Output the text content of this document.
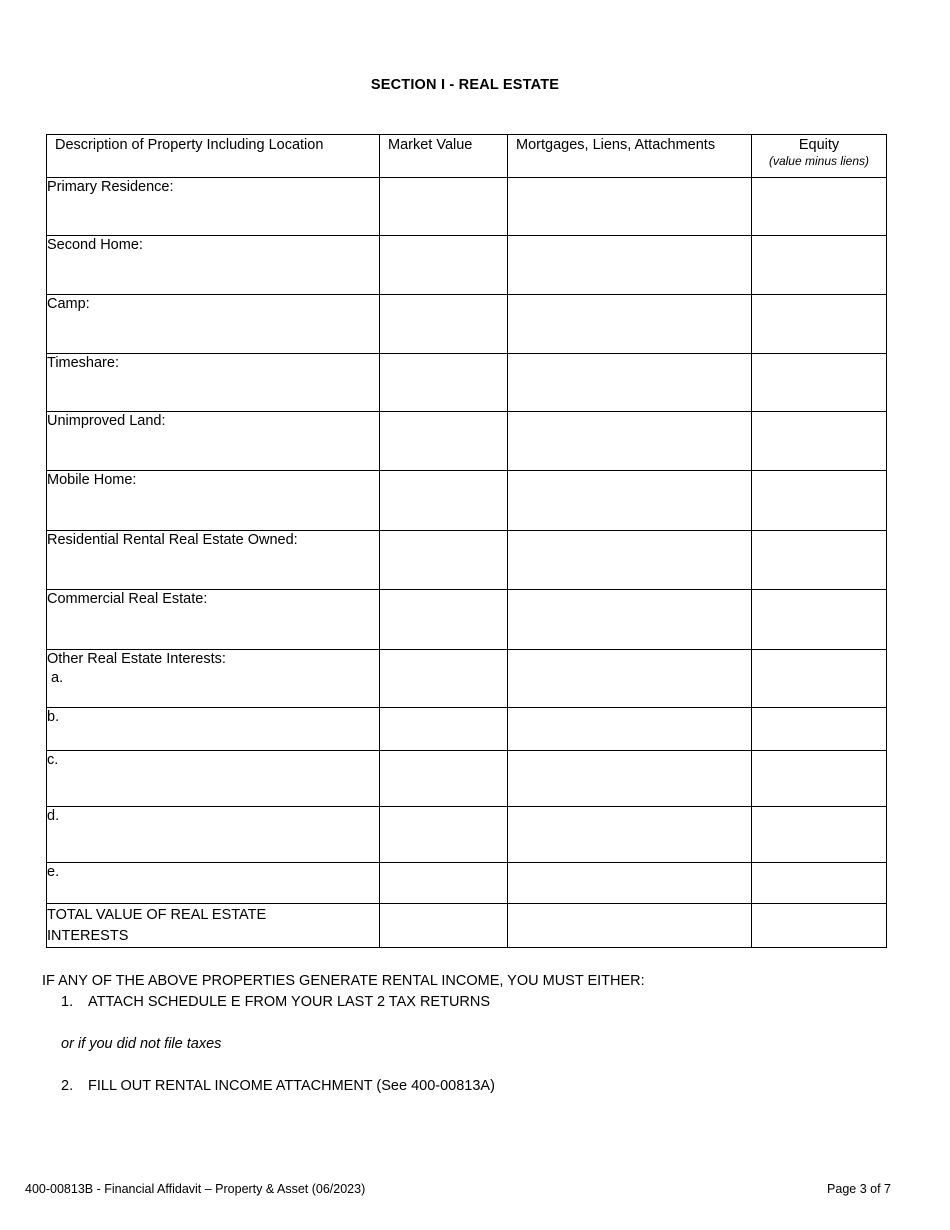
SECTION I - REAL ESTATE
Description of Property Including Location	Market Value	Mortgages, Liens, Attachments	Equity
(value minus liens)

Primary Residence:			
Second Home:			
Camp:			
Timeshare:			
Unimproved Land:			
Mobile Home:			
Residential Rental Real Estate Owned:			
Commercial Real Estate:			
Other Real Estate Interests:
a.			

b.			
c.			
d.			
e.			
TOTAL VALUE OF REAL ESTATE
INTERESTS			
IF ANY OF THE ABOVE PROPERTIES GENERATE RENTAL INCOME, YOU MUST EITHER:
1. ATTACH SCHEDULE E FROM YOUR LAST 2 TAX RETURNS
or if you did not file taxes
2. FILL OUT RENTAL INCOME ATTACHMENT (See 400-00813A)
400-00813B - Financial Affidavit – Property & Asset (06/2023)	Page 3 of 7
